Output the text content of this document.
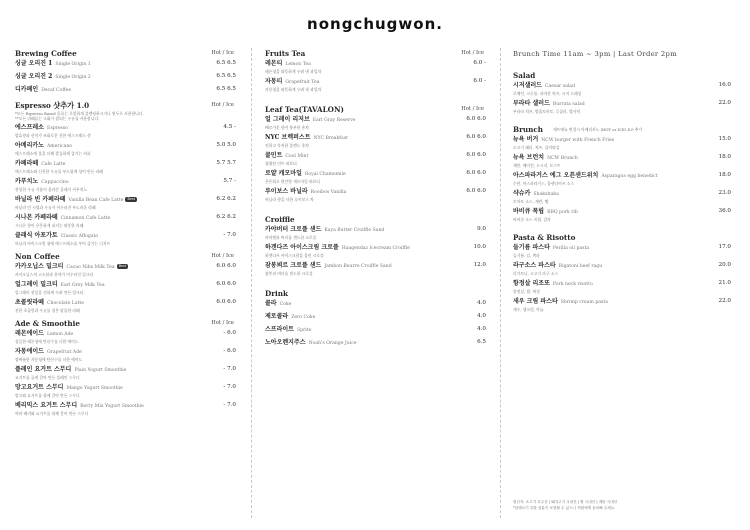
nongchugwon.
Brewing Coffee	Hot / Ice
싱글 오리진 1 Single Origin 1	6.5 6.5
싱글 오리진 2 Single Origin 2	6.5 6.5
디카페인 Decaf Coffee	6.5 6.5
Espresso 샷추가 1.0	Hot / Ice
*모든 Espresso Based 음료는 로컬하게 블렌딩하시거나 원두로 사용합니다.
**모든 라떼류는 소화가 잘되는 우유를 사용합니다.
에스프레소 Espresso	4.5 -
발효향과 산미가 조화로운 진한 에스프레소 샷
아메리카노 Americano	5.0 5.0
에스프레소에 물을 더해 깔끔하게 즐기는 커피
카페라떼 Cafe Latte	5.7 5.7
에스프레소와 신선한 우유를 부드럽게 섞어 만든 라떼
카푸치노 Cappuccino	5.7 -
풍성한 우유 거품이 올라간 클래식 카푸치노
바닐라 빈 카페라떼 Vanilla Bean Cafe Latte Best	6.2 6.2
바닐라 빈 시럽과 우유가 어우러진 부드러운 라떼
시나몬 카페라떼 Cinnamon Cafe Latte	6.2 6.2
시나몬 향이 은은하게 퍼지는 따뜻한 라떼
클래식 아포가토 Classic Affogato	- 7.0
바닐라 아이스크림 위에 에스프레소를 부어 즐기는 디저트
Non Coffee	Hot / Ice
카카오닙스 밀크티 Cacao Nibs Milk Tea Best	6.0 6.0
카카오닙스의 고소함과 홍차가 어우러진 밀크티
얼그레이 밀크티 Earl Grey Milk Tea	6.0 6.0
얼그레이 찻잎을 진하게 우려 만든 밀크티
초콜릿라떼 Chocolate Latte	6.0 6.0
진한 초콜릿과 우유를 섞은 달콤한 라떼
Ade & Smoothie	Hot / Ice
레몬에이드 Lemon Ade	- 6.0
상큼한 레몬청에 탄산수를 더한 에이드
자몽에이드 Grapefruit Ade	- 6.0
쌉싸름한 자몽청에 탄산수를 더한 에이드
플레인 요거트 스무디 Plain Yogurt Smoothie	- 7.0
요거트를 곱게 갈아 만든 플레인 스무디
망고요거트 스무디 Mango Yogurt Smoothie	- 7.0
망고와 요거트를 함께 갈아 만든 스무디
베리믹스 요거트 스무디 Berry Mix Yogurt Smoothie	- 7.0
여러 베리와 요거트를 함께 갈아 만든 스무디
Fruits Tea	Hot / Ice
레몬티 Lemon Tea	6.0 -
레몬청을 따뜻하게 우려 낸 과일차
자몽티 Grapefruit Tea	6.0 -
자몽청을 따뜻하게 우려 낸 과일차
Leaf Tea(TAVALON)	Hot / Ice
얼 그레이 리저브 Earl Gray Reserve	6.0 6.0
베르가못 향이 풍부한 홍차
NYC 브렉퍼스트 NYC Breakfast	6.0 6.0
진하고 묵직한 블렌드 홍차
쿨민트 Cool Mint	6.0 6.0
청량한 민트 허브티
로얄 캐모마일 Royal Chamomile	6.0 6.0
은은하고 편안한 캐모마일 허브티
루이보스 바닐라 Rooibos Vanilla	6.0 6.0
바닐라 향을 더한 루이보스 차
Croiffle
카야버터 크로플 샌드 Kaya Butter Croiffle Sand	9.0
카야잼과 버터를 샌드한 크로플
하겐다즈 아이스크림 크로플 Haagendaz Icecream Croiffle	10.0
하겐다즈 아이스크림을 올린 크로플
잠봉뵈르 크로플 샌드 Jambon Beurre Croiffle Sand	12.0
잠봉과 버터를 샌드한 크로플
Drink
콜라 Coke	4.0
제로콜라 Zero Coke	4.0
스프라이트 Sprite	4.0
노아오렌지주스 Noah's Orange Juice	6.5
Brunch Time 11am ~ 3pm | Last Order 2pm
Salad
시저샐러드 Caesar salad	16.0
로메인, 크루통, 파마산 치즈, 시저 드레싱
부라타 샐러드 Burrata salad	22.0
부라타 치즈, 방울토마토, 루꼴라, 발사믹
Brunch	세트메뉴 변경시 아메리카노 (HOT or ICE) 4.0 추가
뉴욕 버거 NCW burger with French Fries	15.0
소고기 패티, 치즈, 감자튀김
뉴욕 브런치 NCW Brunch	18.0
계란, 베이컨, 소시지, 토스트
아스파라거스 에그 오픈샌드위치 Asparagus egg benedict	18.0
수란, 아스파라거스, 홀랜다이즈 소스
샥슈카 Shakshuka	23.0
토마토 소스, 계란, 빵
바비큐 폭립 BBQ pork rib	36.0
바비큐 소스 폭립, 감자
Pasta & Risotto
들기름 파스타 Perilla oil pasta	17.0
들기름, 김, 쪽파
라구소스 파스타 Rigatoni beef ragu	20.0
리가토니, 소고기 라구 소스
항정살 리조또 Pork neck risotto	21.0
항정살, 쌀, 버섯
새우 크림 파스타 Shrimp cream pasta	22.0
새우, 생크림, 마늘
원산지: 소고기 호주산 | 돼지고기 국내산 | 쌀 국내산 | 계란 국내산
*알레르기 유발 성분이 포함될 수 있으니 직원에게 문의해 주세요.
